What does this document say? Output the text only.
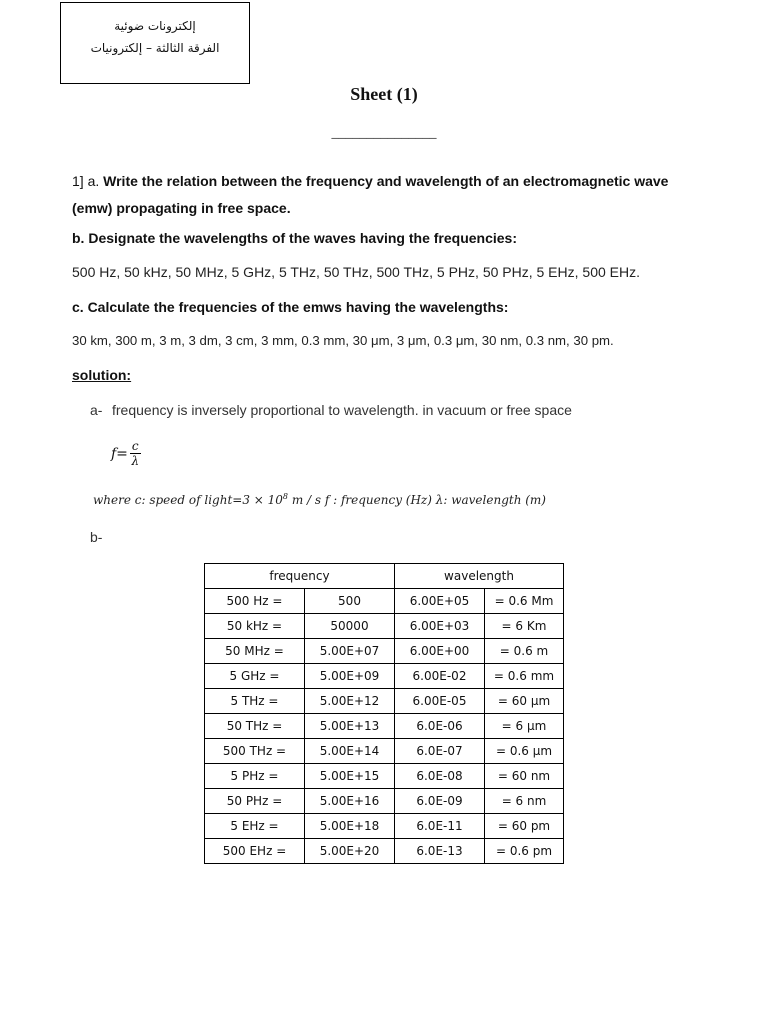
إلكترونات ضوئية
الفرقة الثالثة – إلكترونيات
Sheet (1)
_______________
1] a. Write the relation between the frequency and wavelength of an electromagnetic wave (emw) propagating in free space.
b. Designate the wavelengths of the waves having the frequencies:
500 Hz, 50 kHz, 50 MHz, 5 GHz, 5 THz, 50 THz, 500 THz, 5 PHz, 50 PHz, 5 EHz, 500 EHz.
c. Calculate the frequencies of the emws having the wavelengths:
30 km, 300 m, 3 m, 3 dm, 3 cm, 3 mm, 0.3 mm, 30 μm, 3 μm, 0.3 μm, 30 nm, 0.3 nm, 30 pm.
solution:
a- frequency is inversely proportional to wavelength. in vacuum or free space
$f= \frac{c}{\lambda}$
where c: speed of light=3 × $10^8$ m / s f : frequency (Hz) λ: wavelength (m)
b-
frequency		wavelength	
500 Hz =	500	6.00E+05	= 0.6 Mm
50 kHz =	50000	6.00E+03	= 6 Km
50 MHz =	5.00E+07	6.00E+00	= 0.6 m
5 GHz =	5.00E+09	6.00E-02	= 0.6 mm
5 THz =	5.00E+12	6.00E-05	= 60 µm
50 THz =	5.00E+13	6.0E-06	= 6 µm
500 THz =	5.00E+14	6.0E-07	= 0.6 µm
5 PHz =	5.00E+15	6.0E-08	= 60 nm
50 PHz =	5.00E+16	6.0E-09	= 6 nm
5 EHz =	5.00E+18	6.0E-11	= 60 pm
500 EHz =	5.00E+20	6.0E-13	= 0.6 pm
